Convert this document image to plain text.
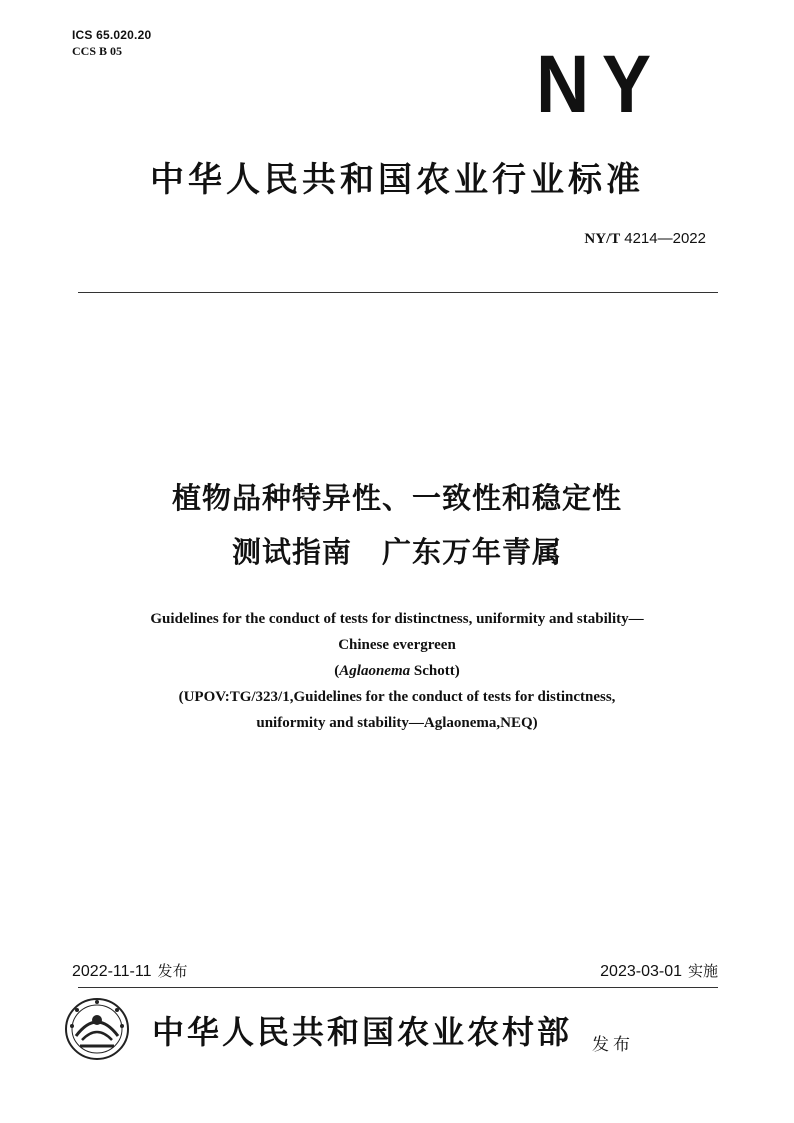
ICS 65.020.20
CCS B 05	NY
中华人民共和国农业行业标准
NY/T 4214—2022
植物品种特异性、一致性和稳定性
测试指南　广东万年青属
Guidelines for the conduct of tests for distinctness, uniformity and stability—
Chinese evergreen
(Aglaonema Schott)
(UPOV:TG/323/1,Guidelines for the conduct of tests for distinctness,
uniformity and stability—Aglaonema,NEQ)
2022-11-11 发布	2023-03-01 实施
中华人民共和国农业农村部 发布
